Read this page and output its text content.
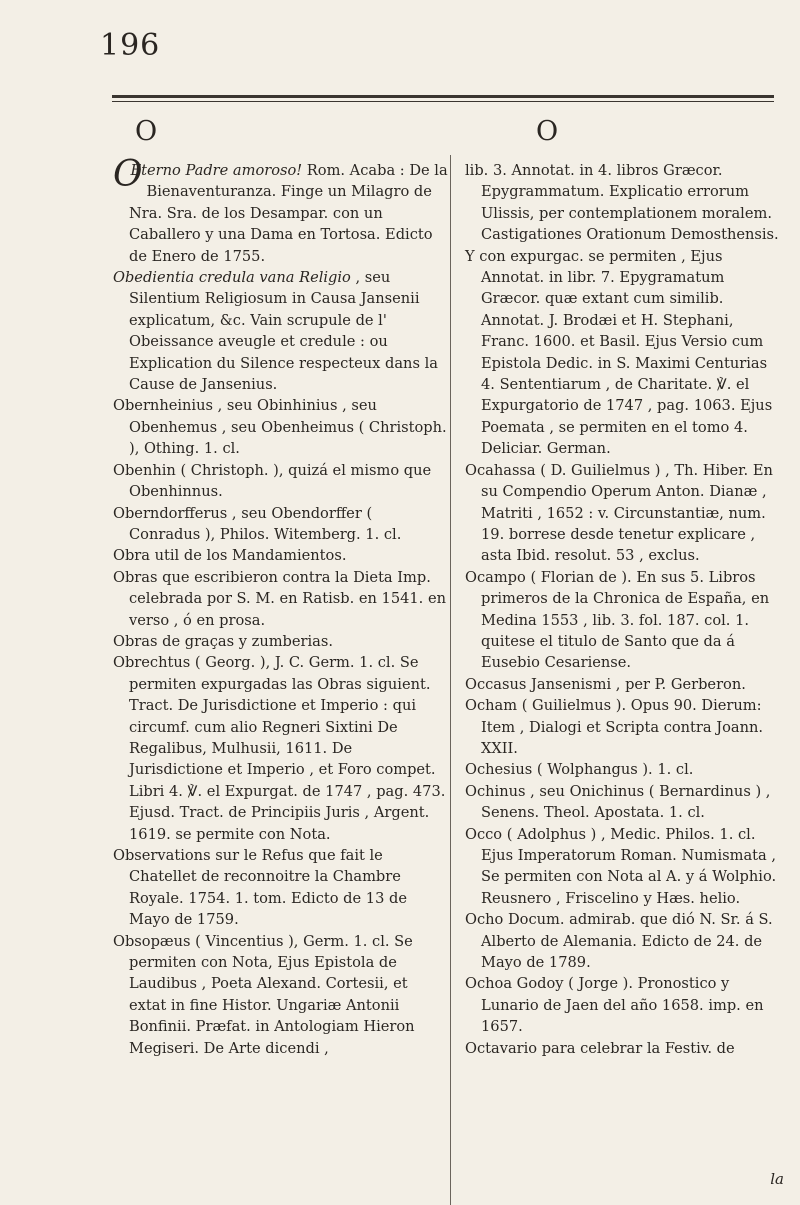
196
O	O
O
Eterno Padre amoroso! Rom. Acaba : De la Bienaventuranza. Finge un Milagro de Nra. Sra. de los Desampar. con un Caballero y una Dama en Tortosa. Edicto de Enero de 1755.
Obedientia credula vana Religio , seu Silentium Religiosum in Causa Jansenii explicatum, &c. Vain scrupule de l' Obeissance aveugle et credule : ou Explication du Silence respecteux dans la Cause de Jansenius.
Obernheinius , seu Obinhinius , seu Obenhemus , seu Obenheimus ( Christoph. ), Othing. 1. cl.
Obenhin ( Christoph. ), quizá el mismo que Obenhinnus.
Oberndorfferus , seu Obendorffer ( Conradus ), Philos. Witemberg. 1. cl.
Obra util de los Mandamientos.
Obras que escribieron contra la Dieta Imp. celebrada por S. M. en Ratisb. en 1541. en verso , ó en prosa.
Obras de graças y zumberias.
Obrechtus ( Georg. ), J. C. Germ. 1. cl. Se permiten expurgadas las Obras siguient. Tract. De Jurisdictione et Imperio : qui circumf. cum alio Regneri Sixtini De Regalibus, Mulhusii, 1611. De Jurisdictione et Imperio , et Foro compet. Libri 4. ℣. el Expurgat. de 1747 , pag. 473. Ejusd. Tract. de Principiis Juris , Argent. 1619. se permite con Nota.
Observations sur le Refus que fait le Chatellet de reconnoitre la Chambre Royale. 1754. 1. tom. Edicto de 13 de Mayo de 1759.
Obsopæus ( Vincentius ), Germ. 1. cl. Se permiten con Nota, Ejus Epistola de Laudibus , Poeta Alexand. Cortesii, et extat in fine Histor. Ungariæ Antonii Bonfinii. Præfat. in Antologiam Hieron Megiseri. De Arte dicendi ,
lib. 3. Annotat. in 4. libros Græcor. Epygrammatum. Explicatio errorum Ulissis, per contemplationem moralem. Castigationes Orationum Demosthensis.
Y con expurgac. se permiten , Ejus Annotat. in libr. 7. Epygramatum Græcor. quæ extant cum similib. Annotat. J. Brodæi et H. Stephani, Franc. 1600. et Basil. Ejus Versio cum Epistola Dedic. in S. Maximi Centurias 4. Sententiarum , de Charitate. ℣. el Expurgatorio de 1747 , pag. 1063. Ejus Poemata , se permiten en el tomo 4. Deliciar. German.
Ocahassa ( D. Guilielmus ) , Th. Hiber. En su Compendio Operum Anton. Dianæ , Matriti , 1652 : v. Circunstantiæ, num. 19. borrese desde tenetur explicare , asta Ibid. resolut. 53 , exclus.
Ocampo ( Florian de ). En sus 5. Libros primeros de la Chronica de España, en Medina 1553 , lib. 3. fol. 187. col. 1. quitese el titulo de Santo que da á Eusebio Cesariense.
Occasus Jansenismi , per P. Gerberon.
Ocham ( Guilielmus ). Opus 90. Dierum: Item , Dialogi et Scripta contra Joann. XXII.
Ochesius ( Wolphangus ). 1. cl.
Ochinus , seu Onichinus ( Bernardinus ) , Senens. Theol. Apostata. 1. cl.
Occo ( Adolphus ) , Medic. Philos. 1. cl. Ejus Imperatorum Roman. Numismata , Se permiten con Nota al A. y á Wolphio. Reusnero , Friscelino y Hæs. helio.
Ocho Docum. admirab. que dió N. Sr. á S. Alberto de Alemania. Edicto de 24. de Mayo de 1789.
Ochoa Godoy ( Jorge ). Pronostico y Lunario de Jaen del año 1658. imp. en 1657.
Octavario para celebrar la Festiv. de
la
